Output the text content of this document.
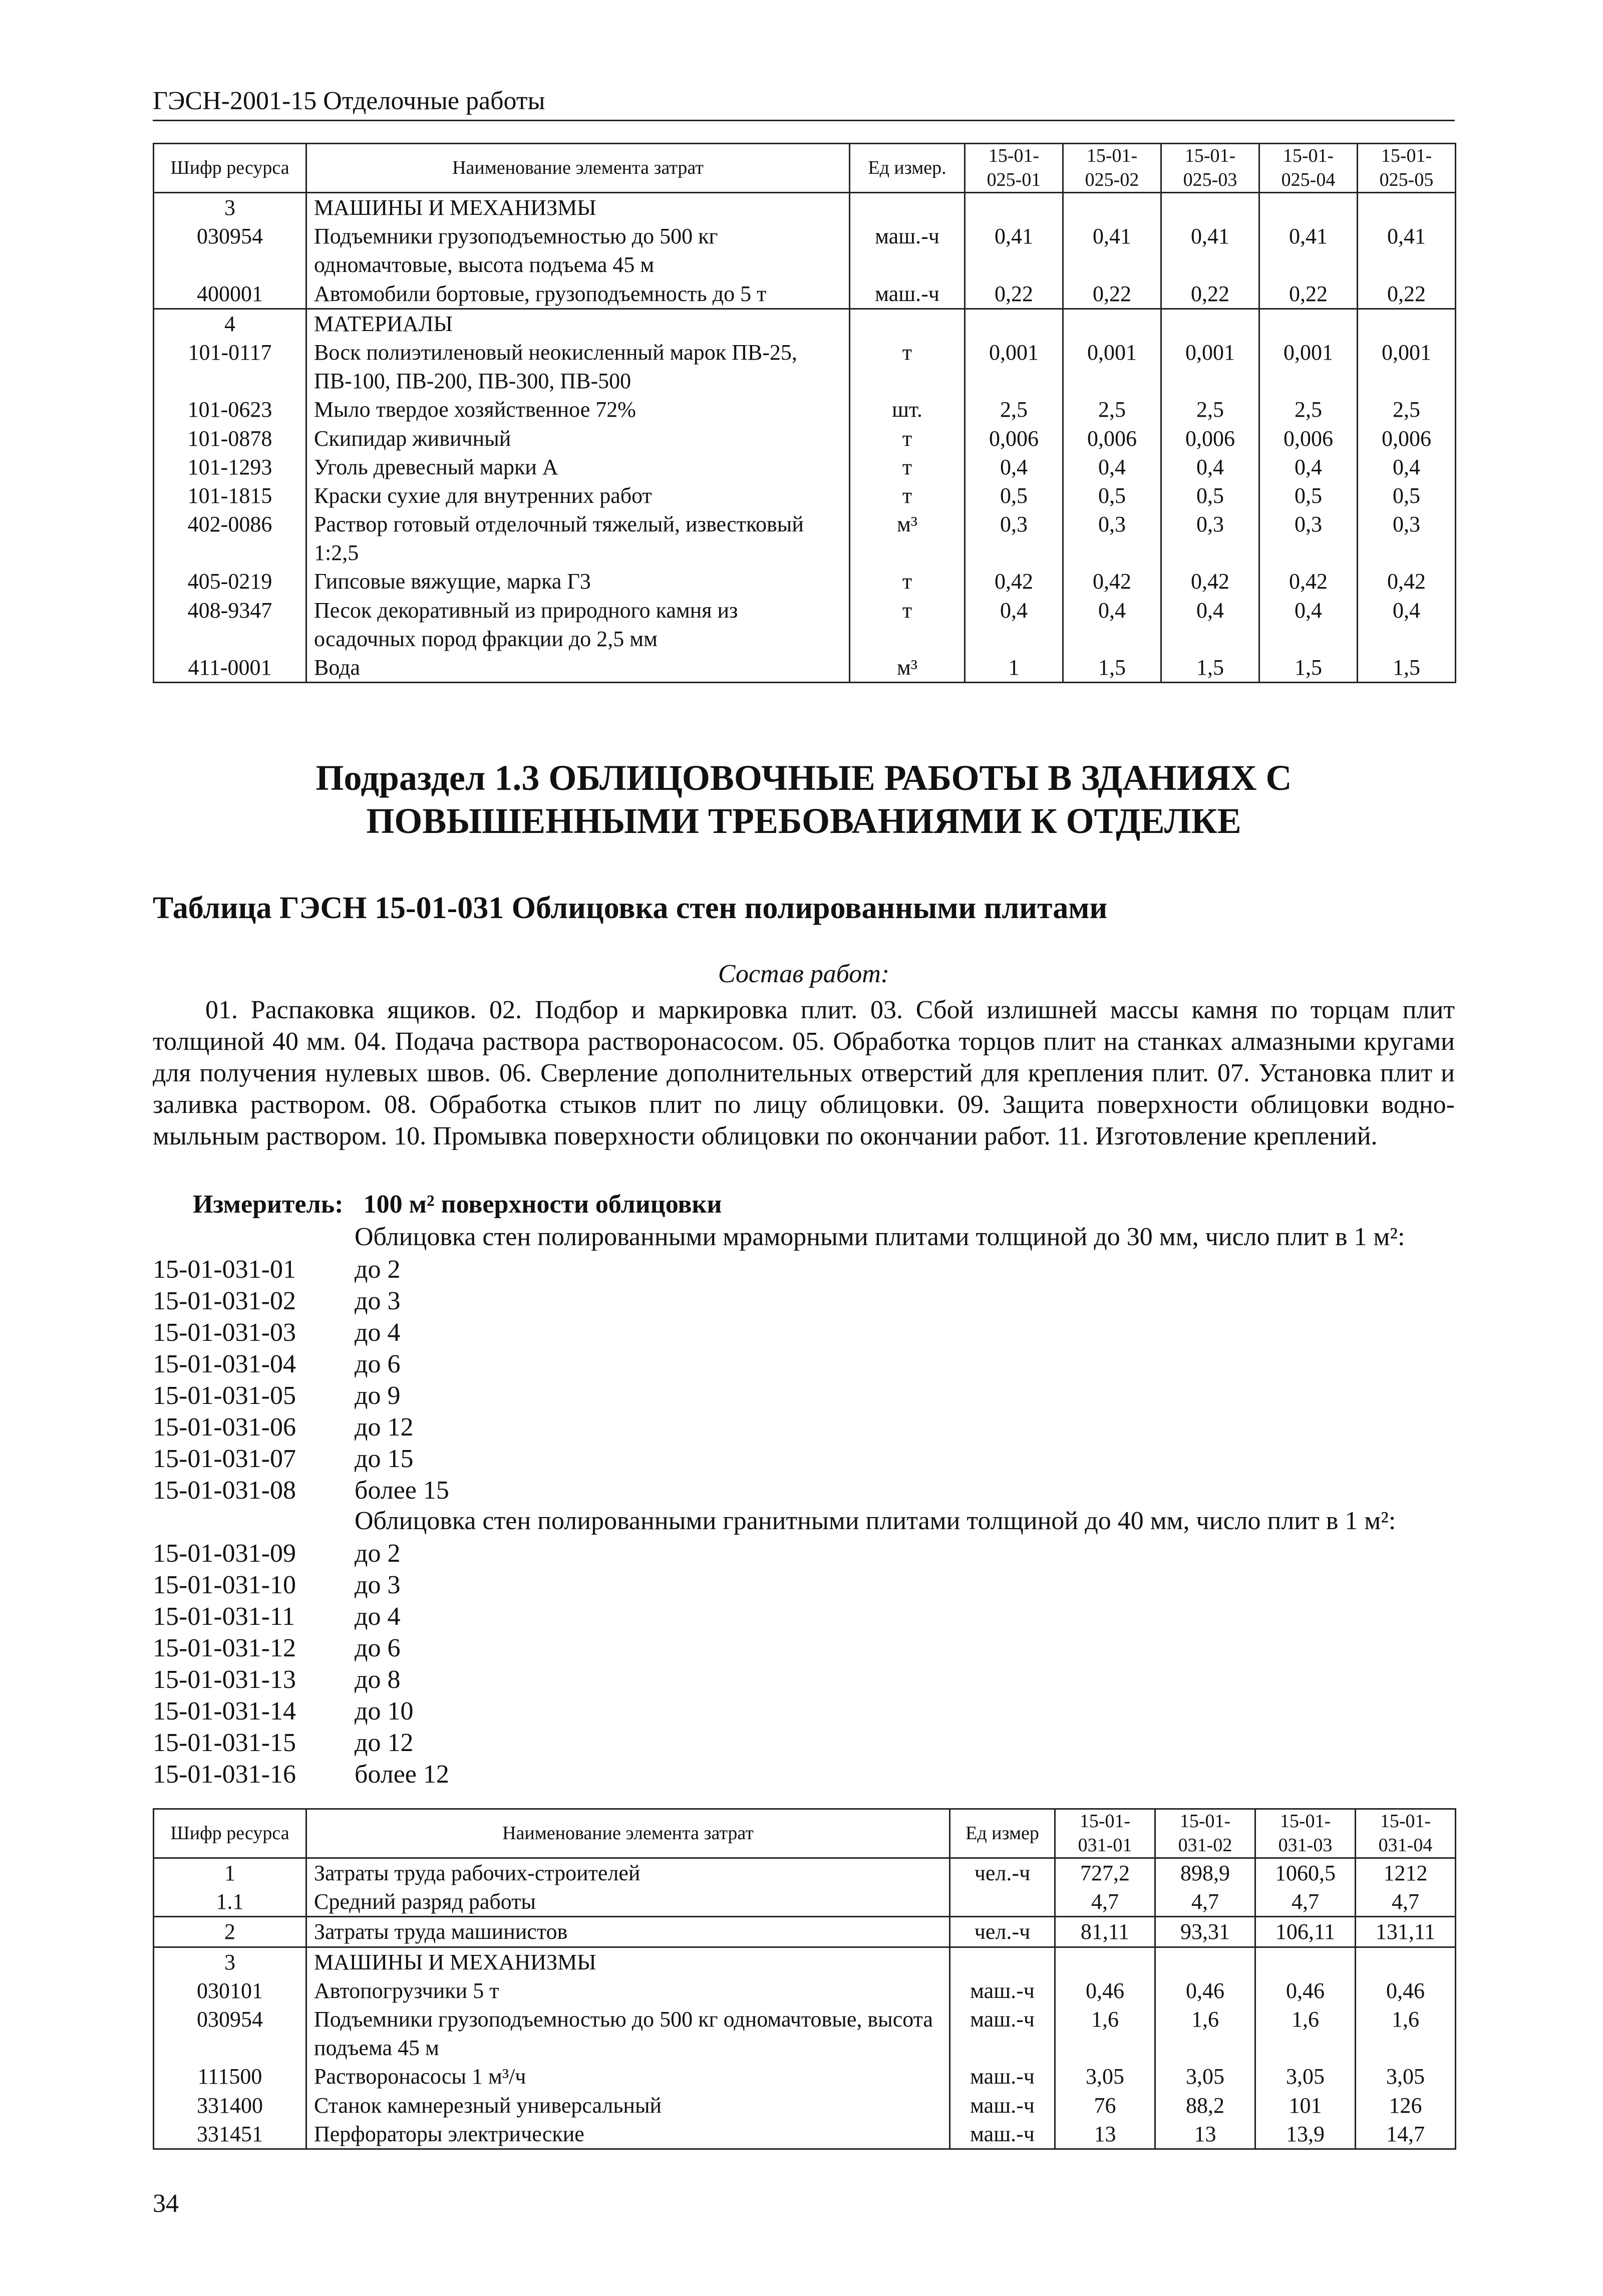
ГЭСН-2001-15 Отделочные работы
Шифр ресурса	Наименование элемента затрат	Ед измер.	15-01-025-01	15-01-025-02	15-01-025-03	15-01-025-04	15-01-025-05
3	МАШИНЫ И МЕХАНИЗМЫ						
030954	Подъемники грузоподъемностью до 500 кг одномачтовые, высота подъема 45 м	маш.-ч	0,41	0,41	0,41	0,41	0,41
400001	Автомобили бортовые, грузоподъемность до 5 т	маш.-ч	0,22	0,22	0,22	0,22	0,22
4	МАТЕРИАЛЫ						
101-0117	Воск полиэтиленовый неокисленный марок ПВ-25, ПВ-100, ПВ-200, ПВ-300, ПВ-500	т	0,001	0,001	0,001	0,001	0,001
101-0623	Мыло твердое хозяйственное 72%	шт.	2,5	2,5	2,5	2,5	2,5
101-0878	Скипидар живичный	т	0,006	0,006	0,006	0,006	0,006
101-1293	Уголь древесный марки А	т	0,4	0,4	0,4	0,4	0,4
101-1815	Краски сухие для внутренних работ	т	0,5	0,5	0,5	0,5	0,5
402-0086	Раствор готовый отделочный тяжелый, известковый 1:2,5	м³	0,3	0,3	0,3	0,3	0,3
405-0219	Гипсовые вяжущие, марка Г3	т	0,42	0,42	0,42	0,42	0,42
408-9347	Песок декоративный из природного камня из осадочных пород фракции до 2,5 мм	т	0,4	0,4	0,4	0,4	0,4
411-0001	Вода	м³	1	1,5	1,5	1,5	1,5
Подраздел 1.3 ОБЛИЦОВОЧНЫЕ РАБОТЫ В ЗДАНИЯХ С ПОВЫШЕННЫМИ ТРЕБОВАНИЯМИ К ОТДЕЛКЕ
Таблица ГЭСН 15-01-031 Облицовка стен полированными плитами
Состав работ:
01. Распаковка ящиков. 02. Подбор и маркировка плит. 03. Сбой излишней массы камня по торцам плит толщиной 40 мм. 04. Подача раствора растворонасосом. 05. Обработка торцов плит на станках алмазными кругами для получения нулевых швов. 06. Сверление дополнительных отверстий для крепления плит. 07. Установка плит и заливка раствором. 08. Обработка стыков плит по лицу облицовки. 09. Защита поверхности облицовки водно-мыльным раствором. 10. Промывка поверхности облицовки по окончании работ. 11. Изготовление креплений.
Измеритель: 100 м² поверхности облицовки
Облицовка стен полированными мраморными плитами толщиной до 30 мм, число плит в 1 м²:
15-01-031-01 до 2
15-01-031-02 до 3
15-01-031-03 до 4
15-01-031-04 до 6
15-01-031-05 до 9
15-01-031-06 до 12
15-01-031-07 до 15
15-01-031-08 более 15
Облицовка стен полированными гранитными плитами толщиной до 40 мм, число плит в 1 м²:
15-01-031-09 до 2
15-01-031-10 до 3
15-01-031-11 до 4
15-01-031-12 до 6
15-01-031-13 до 8
15-01-031-14 до 10
15-01-031-15 до 12
15-01-031-16 более 12
Шифр ресурса	Наименование элемента затрат	Ед измер	15-01-031-01	15-01-031-02	15-01-031-03	15-01-031-04
1	Затраты труда рабочих-строителей	чел.-ч	727,2	898,9	1060,5	1212
1.1	Средний разряд работы		4,7	4,7	4,7	4,7
2	Затраты труда машинистов	чел.-ч	81,11	93,31	106,11	131,11
3	МАШИНЫ И МЕХАНИЗМЫ					
030101	Автопогрузчики 5 т	маш.-ч	0,46	0,46	0,46	0,46
030954	Подъемники грузоподъемностью до 500 кг одномачтовые, высота подъема 45 м	маш.-ч	1,6	1,6	1,6	1,6
111500	Растворонасосы 1 м³/ч	маш.-ч	3,05	3,05	3,05	3,05
331400	Станок камнерезный универсальный	маш.-ч	76	88,2	101	126
331451	Перфораторы электрические	маш.-ч	13	13	13,9	14,7
34
